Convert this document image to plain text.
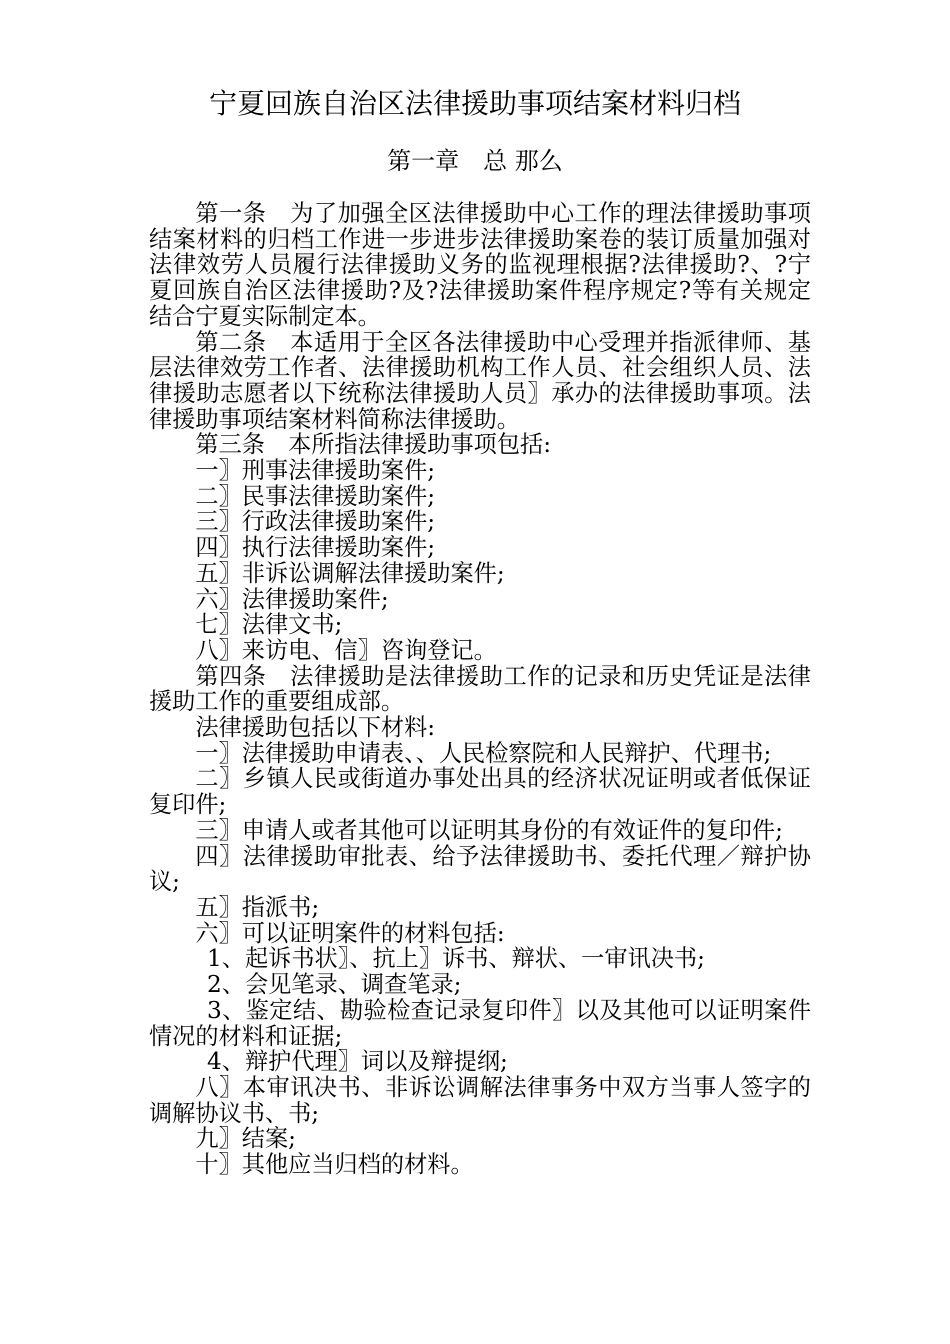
宁夏回族自治区法律援助事项结案材料归档
第一章　总 那么

第一条　为了加强全区法律援助中心工作的理法律援助事项结案材料的归档工作进一步进步法律援助案卷的装订质量加强对法律效劳人员履行法律援助义务的监视理根据?法律援助?、?宁夏回族自治区法律援助?及?法律援助案件程序规定?等有关规定结合宁夏实际制定本。

第二条　本适用于全区各法律援助中心受理并指派律师、基层法律效劳工作者、法律援助机构工作人员、社会组织人员、法律援助志愿者以下统称法律援助人员〗承办的法律援助事项。法律援助事项结案材料简称法律援助。

第三条　本所指法律援助事项包括:

一〗刑事法律援助案件;

二〗民事法律援助案件;

三〗行政法律援助案件;

四〗执行法律援助案件;

五〗非诉讼调解法律援助案件;

六〗法律援助案件;

七〗法律文书;

八〗来访电、信〗咨询登记。

第四条　法律援助是法律援助工作的记录和历史凭证是法律援助工作的重要组成部。

法律援助包括以下材料:

一〗法律援助申请表、、人民检察院和人民辩护、代理书;

二〗乡镇人民或街道办事处出具的经济状况证明或者低保证复印件;

三〗申请人或者其他可以证明其身份的有效证件的复印件;

四〗法律援助审批表、给予法律援助书、委托代理／辩护协议;

五〗指派书;

六〗可以证明案件的材料包括:

1、起诉书状〗、抗上〗诉书、辩状、一审讯决书;

2、会见笔录、调查笔录;

3、鉴定结、勘验检查记录复印件〗以及其他可以证明案件情况的材料和证据;

4、辩护代理〗词以及辩提纲;

八〗本审讯决书、非诉讼调解法律事务中双方当事人签字的调解协议书、书;

九〗结案;

十〗其他应当归档的材料。
